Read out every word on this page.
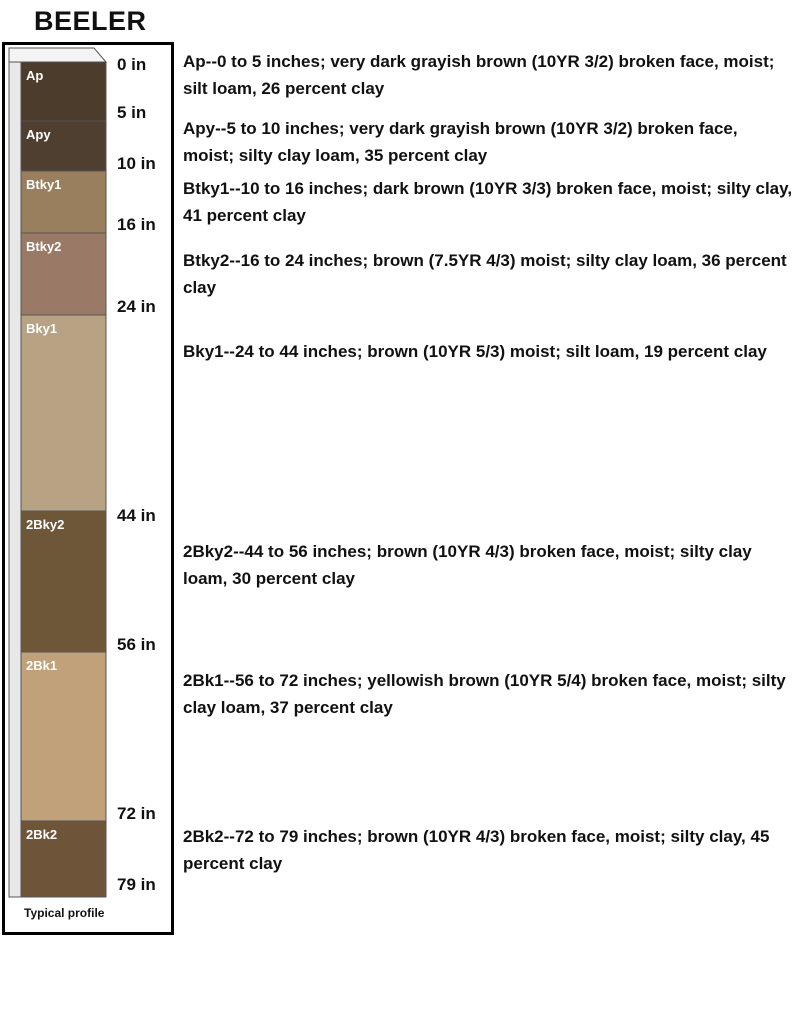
BEELER
Ap
Ap--0 to 5 inches; very dark grayish brown (10YR 3/2) broken face, moist; silt loam, 26 percent clay
Apy	Apy--5 to 10 inches; very dark grayish brown (10YR 3/2) broken face, moist; silty clay loam, 35 percent clay
Btky1	Btky1--10 to 16 inches; dark brown (10YR 3/3) broken face, moist; silty clay, 41 percent clay
Btky2
Btky2--16 to 24 inches; brown (7.5YR 4/3) moist; silty clay loam, 36 percent clay
Bky1
Bky1--24 to 44 inches; brown (10YR 5/3) moist; silt loam, 19 percent clay
2Bky2
2Bky2--44 to 56 inches; brown (10YR 4/3) broken face, moist; silty clay loam, 30 percent clay
2Bk1
2Bk1--56 to 72 inches; yellowish brown (10YR 5/4) broken face, moist; silty clay loam, 37 percent clay
2Bk2	2Bk2--72 to 79 inches; brown (10YR 4/3) broken face, moist; silty clay, 45 percent clay
0 in
5 in
10 in
16 in
24 in
44 in
56 in
72 in
79 in
Typical profile
